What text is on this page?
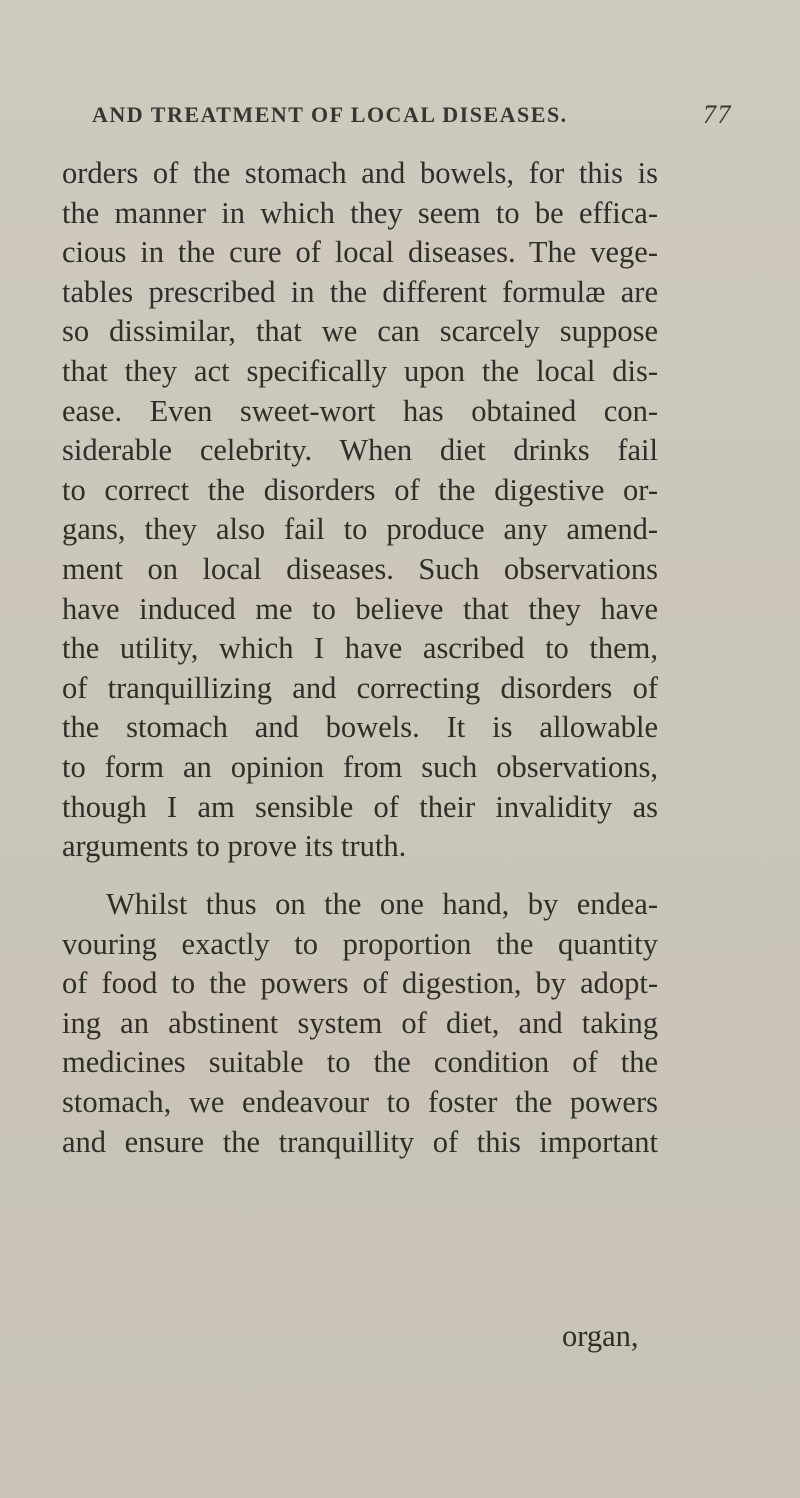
AND TREATMENT OF LOCAL DISEASES.	77
orders of the stomach and bowels, for this is
the manner in which they seem to be effica-
cious in the cure of local diseases. The vege-
tables prescribed in the different formulæ are
so dissimilar, that we can scarcely suppose
that they act specifically upon the local dis-
ease. Even sweet-wort has obtained con-
siderable celebrity. When diet drinks fail
to correct the disorders of the digestive or-
gans, they also fail to produce any amend-
ment on local diseases. Such observations
have induced me to believe that they have
the utility, which I have ascribed to them,
of tranquillizing and correcting disorders of
the stomach and bowels. It is allowable
to form an opinion from such observations,
though I am sensible of their invalidity as
arguments to prove its truth.
Whilst thus on the one hand, by endea-
vouring exactly to proportion the quantity
of food to the powers of digestion, by adopt-
ing an abstinent system of diet, and taking
medicines suitable to the condition of the
stomach, we endeavour to foster the powers
and ensure the tranquillity of this important
organ,
